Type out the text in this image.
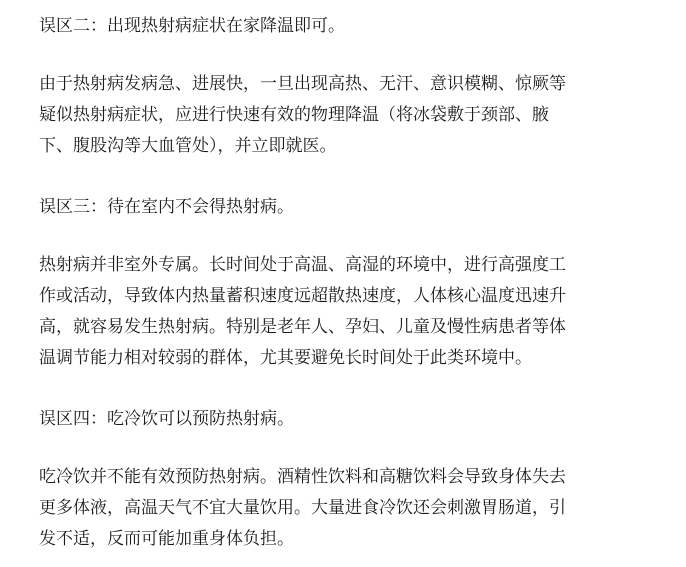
误区二：出现热射病症状在家降温即可。

由于热射病发病急、进展快，一旦出现高热、无汗、意识模糊、惊厥等
疑似热射病症状，应进行快速有效的物理降温（将冰袋敷于颈部、腋
下、腹股沟等大血管处），并立即就医。

误区三：待在室内不会得热射病。

热射病并非室外专属。长时间处于高温、高湿的环境中，进行高强度工
作或活动，导致体内热量蓄积速度远超散热速度，人体核心温度迅速升
高，就容易发生热射病。特别是老年人、孕妇、儿童及慢性病患者等体
温调节能力相对较弱的群体，尤其要避免长时间处于此类环境中。

误区四：吃冷饮可以预防热射病。

吃冷饮并不能有效预防热射病。酒精性饮料和高糖饮料会导致身体失去
更多体液，高温天气不宜大量饮用。大量进食冷饮还会刺激胃肠道，引
发不适，反而可能加重身体负担。
